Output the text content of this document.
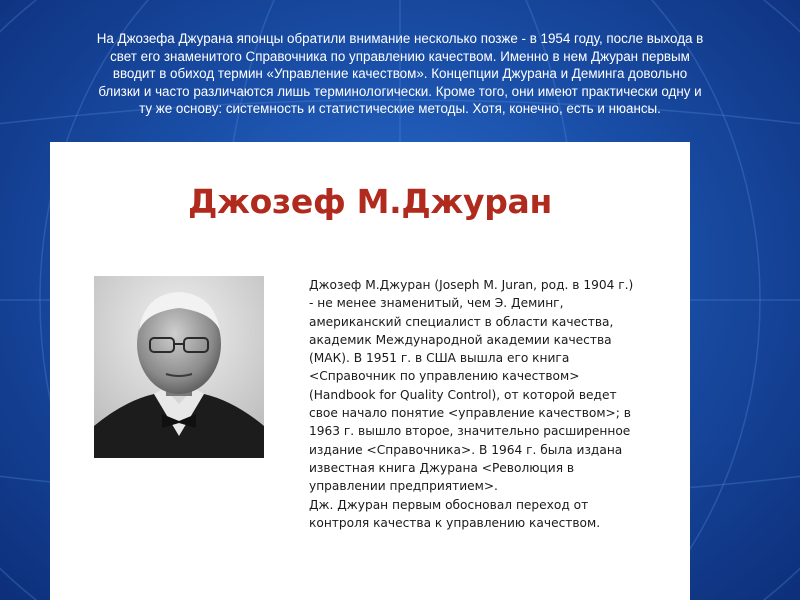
На Джозефа Джурана японцы обратили внимание несколько позже - в 1954 году, после выхода в
свет его знаменитого Справочника по управлению качеством. Именно в нем Джуран первым
вводит в обиход термин «Управление качеством». Концепции Джурана и Деминга довольно
близки и часто различаются лишь терминологически. Кроме того, они имеют практически одну и
ту же основу: системность и статистические методы. Хотя, конечно, есть и нюансы.
Джозеф М.Джуран
Джозеф М.Джуран (Joseph M. Juran, род. в 1904 г.)
- не менее знаменитый, чем Э. Деминг,
американский специалист в области качества,
академик Международной академии качества
(МАК). В 1951 г. в США вышла его книга
<Справочник по управлению качеством>
(Handbook for Quality Control), от которой ведет
свое начало понятие <управление качеством>; в
1963 г. вышло второе, значительно расширенное
издание <Справочника>. В 1964 г. была издана
известная книга Джурана <Революция в
управлении предприятием>.
Дж. Джуран первым обосновал переход от
контроля качества к управлению качеством.
